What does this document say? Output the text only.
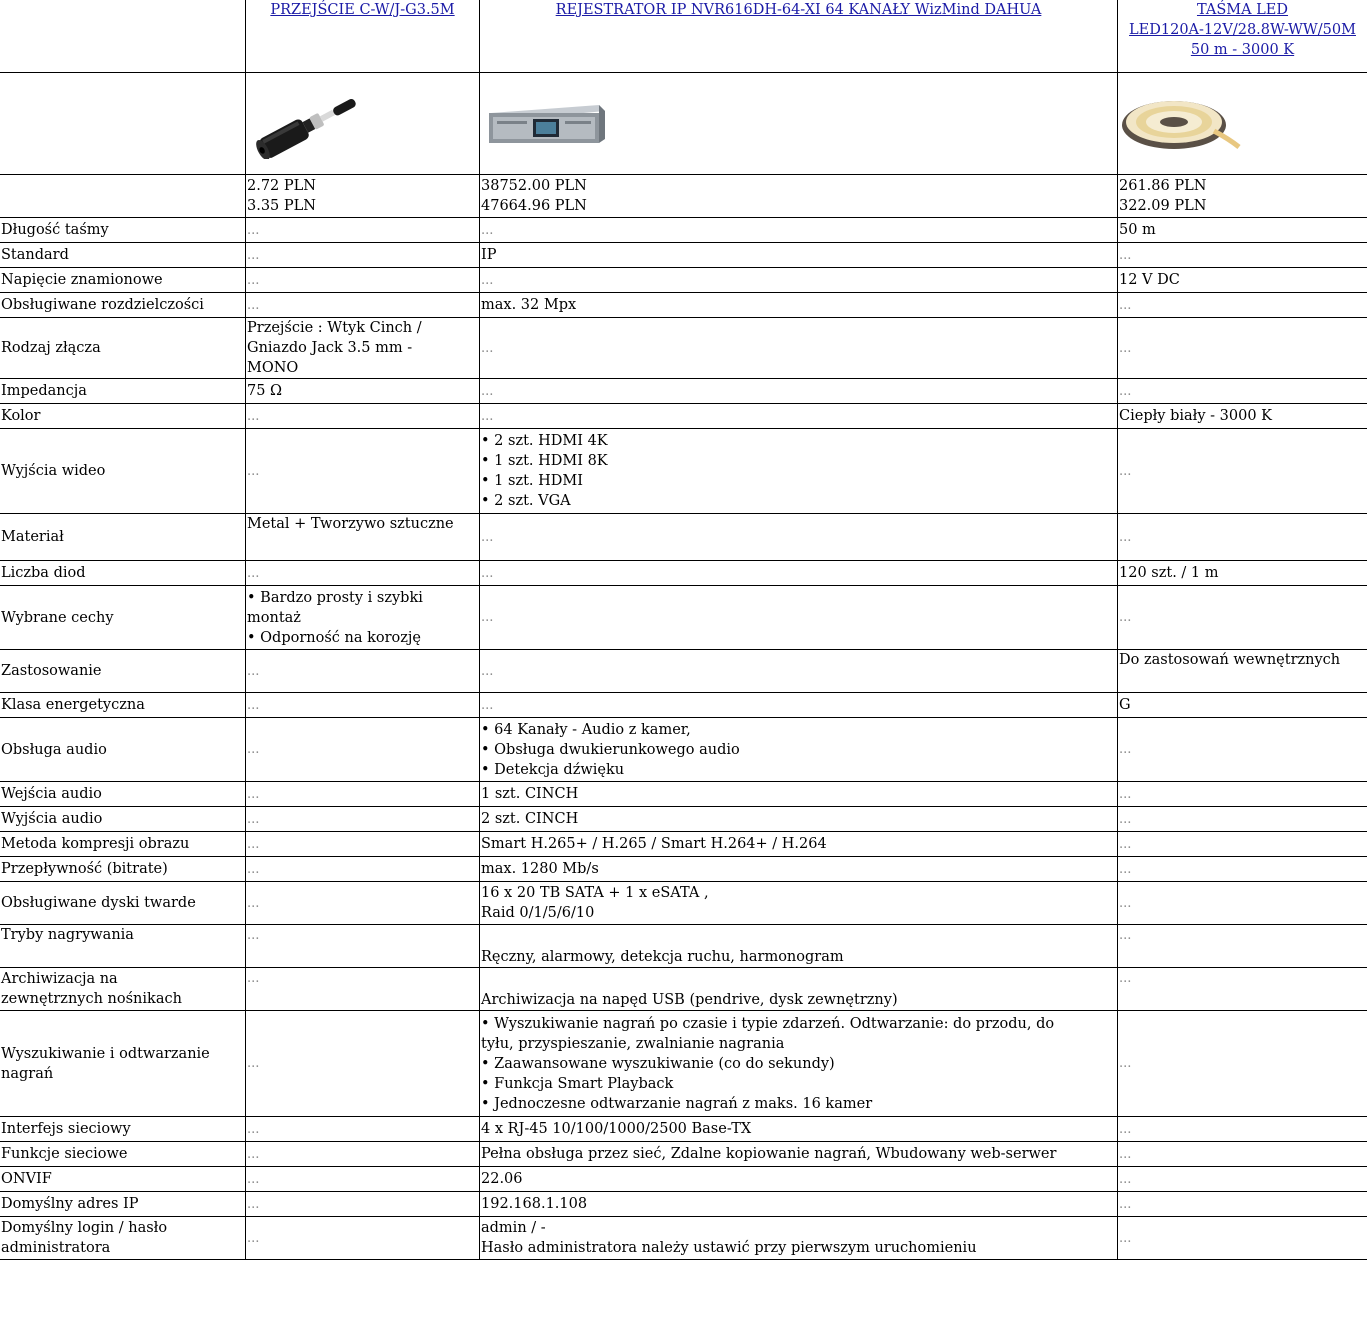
	PRZEJŚCIE C-W/J-G3.5M	REJESTRATOR IP NVR616DH-64-XI 64 KANAŁY WizMind DAHUA	TAŚMA LED
LED120A-12V/28.8W-WW/50M
50 m - 3000 K

	2.72 PLN
3.35 PLN	38752.00 PLN
47664.96 PLN	261.86 PLN
322.09 PLN

Długość taśmy	...	...	50 m
Standard	...	IP	...
Napięcie znamionowe	...	...	12 V DC
Obsługiwane rozdzielczości	...	max. 32 Mpx	...
Rodzaj złącza	Przejście : Wtyk Cinch /
Gniazdo Jack 3.5 mm -
MONO	...	...
Impedancja	75 Ω	...	...
Kolor	...	...	Ciepły biały - 3000 K
Wyjścia wideo	...	• 2 szt. HDMI 4K
• 1 szt. HDMI 8K
• 1 szt. HDMI
• 2 szt. VGA	...
Materiał	Metal + Tworzywo sztuczne	...	...
Liczba diod	...	...	120 szt. / 1 m
Wybrane cechy	• Bardzo prosty i szybki
montaż
• Odporność na korozję	...	...
Zastosowanie	...	...	Do zastosowań wewnętrznych
Klasa energetyczna	...	...	G
Obsługa audio	...	• 64 Kanały - Audio z kamer,
• Obsługa dwukierunkowego audio
• Detekcja dźwięku	...
Wejścia audio	...	1 szt. CINCH	...
Wyjścia audio	...	2 szt. CINCH	...
Metoda kompresji obrazu	...	Smart H.265+ / H.265 / Smart H.264+ / H.264	...
Przepływność (bitrate)	...	max. 1280 Mb/s	...
Obsługiwane dyski twarde	...	16 x 20 TB SATA + 1 x eSATA ,
Raid 0/1/5/6/10	...
Tryby nagrywania	...	Ręczny, alarmowy, detekcja ruchu, harmonogram	...

Archiwizacja na
zewnętrznych nośnikach	...	Archiwizacja na napęd USB (pendrive, dysk zewnętrzny)	...

Wyszukiwanie i odtwarzanie
nagrań	...	• Wyszukiwanie nagrań po czasie i typie zdarzeń. Odtwarzanie: do przodu, do
tyłu, przyspieszanie, zwalnianie nagrania
• Zaawansowane wyszukiwanie (co do sekundy)
• Funkcja Smart Playback
• Jednoczesne odtwarzanie nagrań z maks. 16 kamer	...
Interfejs sieciowy	...	4 x RJ-45 10/100/1000/2500 Base-TX	...
Funkcje sieciowe	...	Pełna obsługa przez sieć, Zdalne kopiowanie nagrań, Wbudowany web-serwer	...
ONVIF	...	22.06	...
Domyślny adres IP	...	192.168.1.108	...

Domyślny login / hasło
administratora	...	admin / -
Hasło administratora należy ustawić przy pierwszym uruchomieniu	...
